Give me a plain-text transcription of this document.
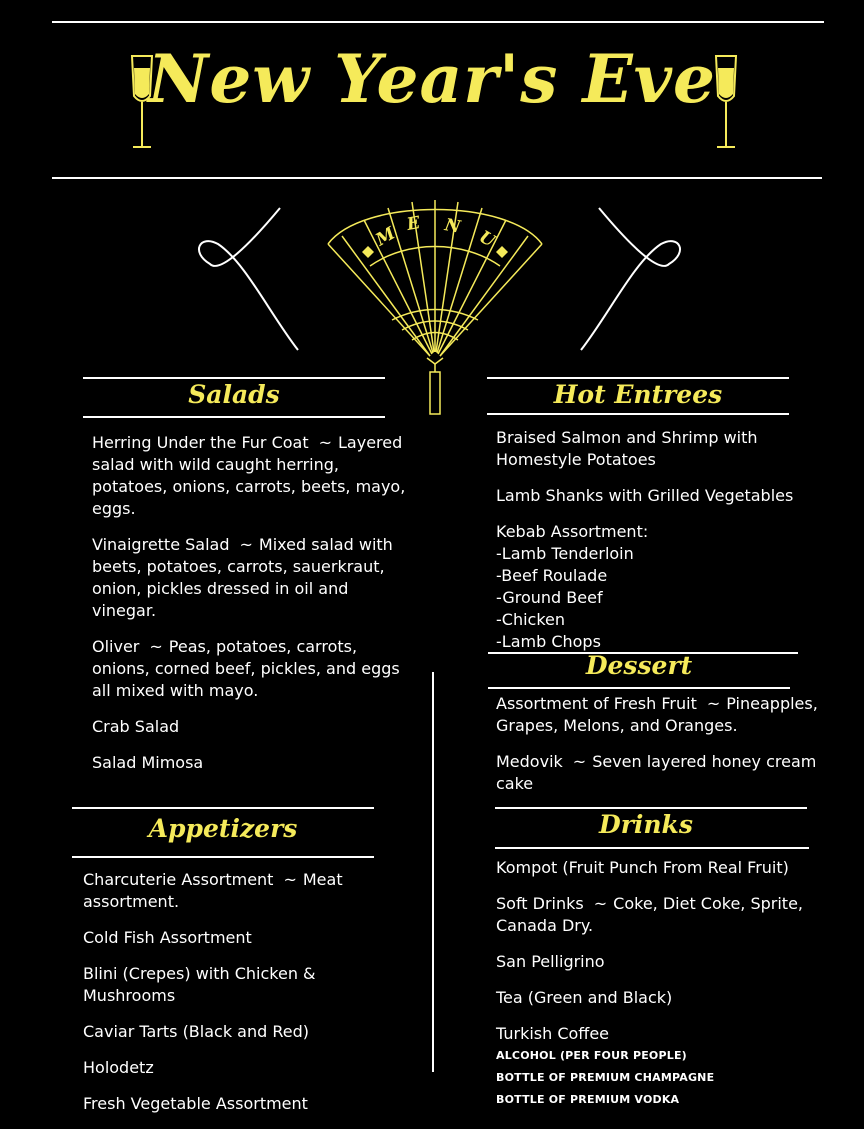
New Year's Eve
M E N
U
Salads
Herring Under the Fur Coat ~ Layered salad with wild caught herring, potatoes, onions, carrots, beets, mayo, eggs.
Vinaigrette Salad ~ Mixed salad with beets, potatoes, carrots, sauerkraut, onion, pickles dressed in oil and vinegar.
Oliver ~ Peas, potatoes, carrots, onions, corned beef, pickles, and eggs all mixed with mayo.
Crab Salad
Salad Mimosa
Appetizers
Charcuterie Assortment ~ Meat assortment.
Cold Fish Assortment
Blini (Crepes) with Chicken & Mushrooms
Caviar Tarts (Black and Red)
Holodetz
Fresh Vegetable Assortment
Hot Entrees
Braised Salmon and Shrimp with Homestyle Potatoes
Lamb Shanks with Grilled Vegetables
Kebab Assortment:
-Lamb Tenderloin
-Beef Roulade
-Ground Beef
-Chicken
-Lamb Chops
Dessert
Assortment of Fresh Fruit ~ Pineapples, Grapes, Melons, and Oranges.
Medovik ~ Seven layered honey cream cake
Drinks
Kompot (Fruit Punch From Real Fruit)
Soft Drinks ~ Coke, Diet Coke, Sprite, Canada Dry.
San Pelligrino
Tea (Green and Black)
Turkish Coffee
ALCOHOL (PER FOUR PEOPLE)
BOTTLE OF PREMIUM CHAMPAGNE
BOTTLE OF PREMIUM VODKA
